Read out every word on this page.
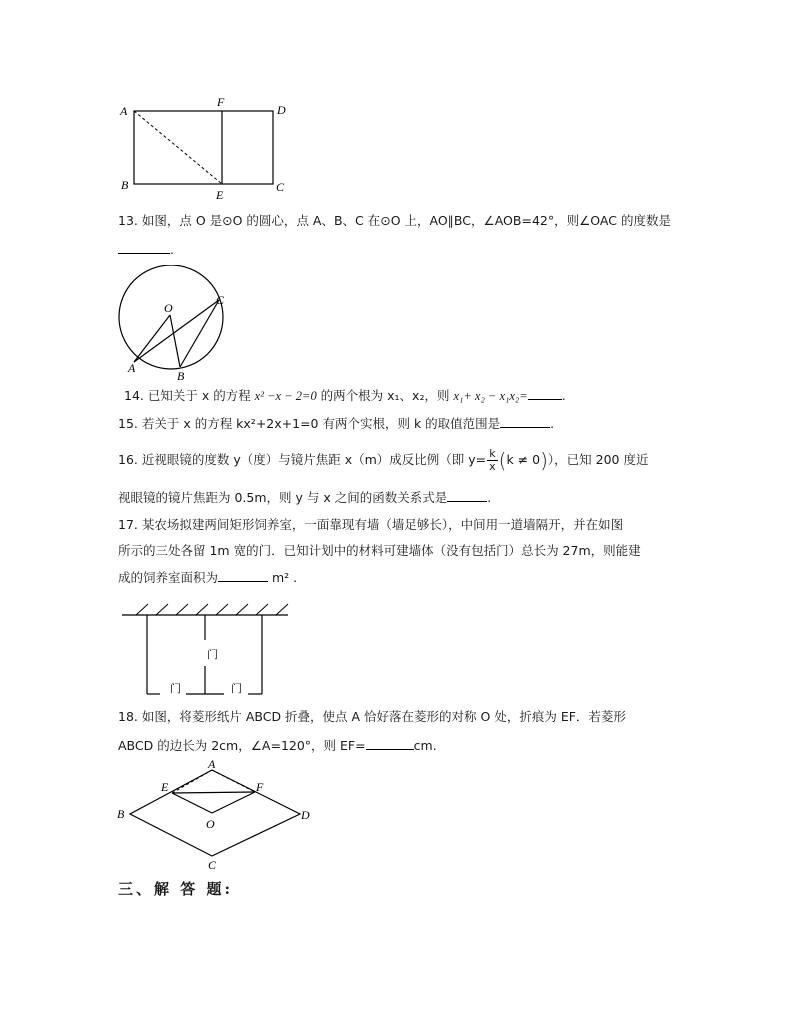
A
F
D
B
E
C
13. 如图，点 O 是⊙O 的圆心，点 A、B、C 在⊙O 上，AO∥BC，∠AOB=42°，则∠OAC 的度数是
.
O
C
A
B
14. 已知关于 x 的方程 x² −x − 2=0 的两个根为 x₁、x₂，则 x₁+ x₂ − x₁x₂=	.
15. 若关于 x 的方程 kx²+2x+1=0 有两个实根，则 k 的取值范围是	.
16. 近视眼镜的度数 y（度）与镜片焦距 x（m）成反比例（即 $y= \frac{k}{x} (k \ne 0)$），已知 200 度近
视眼镜的镜片焦距为 0.5m，则 y 与 x 之间的函数关系式是	.
17. 某农场拟建两间矩形饲养室，一面靠现有墙（墙足够长），中间用一道墙隔开，并在如图
所示的三处各留 1m 宽的门．已知计划中的材料可建墙体（没有包括门）总长为 27m，则能建
成的饲养室面积为	m² .
门
门	门
18. 如图，将菱形纸片 ABCD 折叠，使点 A 恰好落在菱形的对称 O 处，折痕为 EF．若菱形
ABCD 的边长为 2cm，∠A=120°，则 EF=	cm.
A
E	F
B
O
D
C
三、解 答 题:
